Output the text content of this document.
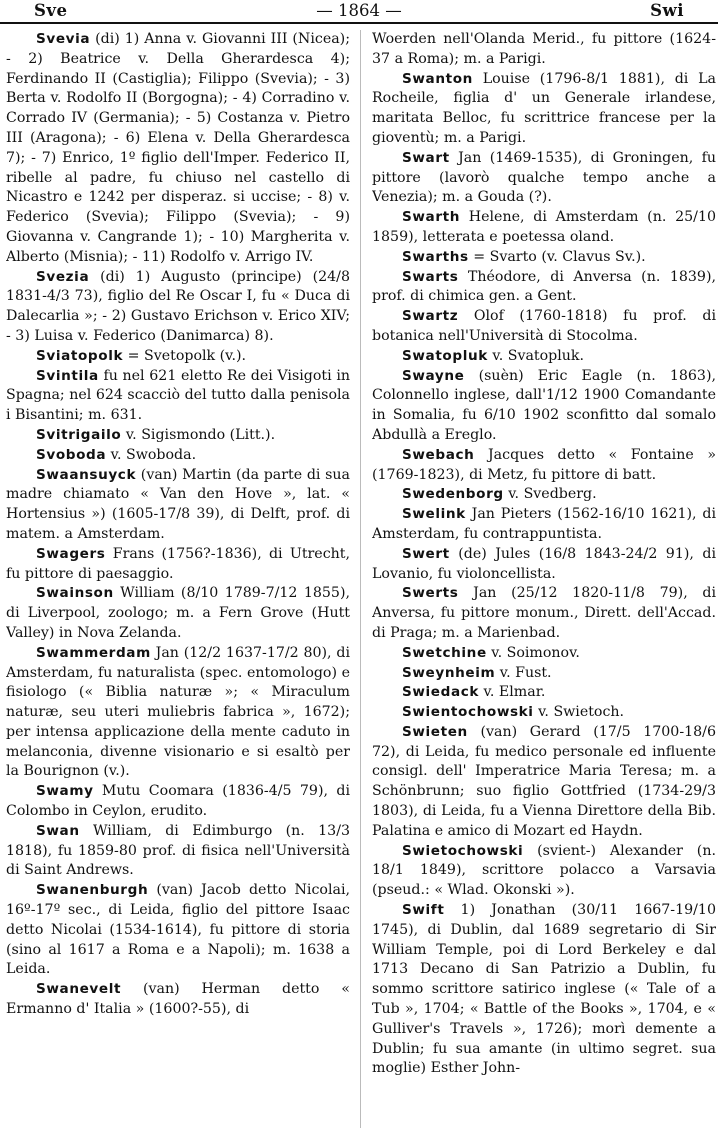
Sve	— 1864 —	Swi

Svevia (di) 1) Anna v. Giovanni III (Nicea); - 2) Beatrice v. Della Gherardesca 4); Ferdinando II (Castiglia); Filippo (Svevia); - 3) Berta v. Rodolfo II (Borgogna); - 4) Corradino v. Corrado IV (Germania); - 5) Costanza v. Pietro III (Aragona); - 6) Elena v. Della Gherardesca 7); - 7) Enrico, 1º figlio dell'Imper. Federico II, ribelle al padre, fu chiuso nel castello di Nicastro e 1242 per disperaz. si uccise; - 8) v. Federico (Svevia); Filippo (Svevia); - 9) Giovanna v. Cangrande 1); - 10) Margherita v. Alberto (Misnia); - 11) Rodolfo v. Arrigo IV.

Svezia (di) 1) Augusto (principe) (24/8 1831-4/3 73), figlio del Re Oscar I, fu « Duca di Dalecarlia »; - 2) Gustavo Erichson v. Erico XIV; - 3) Luisa v. Federico (Danimarca) 8).

Sviatopolk = Svetopolk (v.).

Svintila fu nel 621 eletto Re dei Visigoti in Spagna; nel 624 scacciò del tutto dalla penisola i Bisantini; m. 631.

Svitrigailo v. Sigismondo (Litt.).

Svoboda v. Swoboda.

Swaansuyck (van) Martin (da parte di sua madre chiamato « Van den Hove », lat. « Hortensius ») (1605-17/8 39), di Delft, prof. di matem. a Amsterdam.

Swagers Frans (1756?-1836), di Utrecht, fu pittore di paesaggio.

Swainson William (8/10 1789-7/12 1855), di Liverpool, zoologo; m. a Fern Grove (Hutt Valley) in Nova Zelanda.

Swammerdam Jan (12/2 1637-17/2 80), di Amsterdam, fu naturalista (spec. entomologo) e fisiologo (« Biblia naturæ »; « Miraculum naturæ, seu uteri muliebris fabrica », 1672); per intensa applicazione della mente caduto in melanconia, divenne visionario e si esaltò per la Bourignon (v.).

Swamy Mutu Coomara (1836-4/5 79), di Colombo in Ceylon, erudito.

Swan William, di Edimburgo (n. 13/3 1818), fu 1859-80 prof. di fisica nell'Università di Saint Andrews.

Swanenburgh (van) Jacob detto Nicolai, 16º-17º sec., di Leida, figlio del pittore Isaac detto Nicolai (1534-1614), fu pittore di storia (sino al 1617 a Roma e a Napoli); m. 1638 a Leida.

Swanevelt (van) Herman detto « Ermanno d' Italia » (1600?-55), di

Woerden nell'Olanda Merid., fu pittore (1624-37 a Roma); m. a Parigi.

Swanton Louise (1796-8/1 1881), di La Rocheile, figlia d' un Generale irlandese, maritata Belloc, fu scrittrice francese per la gioventù; m. a Parigi.

Swart Jan (1469-1535), di Groningen, fu pittore (lavorò qualche tempo anche a Venezia); m. a Gouda (?).

Swarth Helene, di Amsterdam (n. 25/10 1859), letterata e poetessa oland.

Swarths = Svarto (v. Clavus Sv.).

Swarts Théodore, di Anversa (n. 1839), prof. di chimica gen. a Gent.

Swartz Olof (1760-1818) fu prof. di botanica nell'Università di Stocolma.

Swatopluk v. Svatopluk.

Swayne (suèn) Eric Eagle (n. 1863), Colonnello inglese, dall'1/12 1900 Comandante in Somalia, fu 6/10 1902 sconfitto dal somalo Abdullà a Ereglo.

Swebach Jacques detto « Fontaine » (1769-1823), di Metz, fu pittore di batt.

Swedenborg v. Svedberg.

Swelink Jan Pieters (1562-16/10 1621), di Amsterdam, fu contrappuntista.

Swert (de) Jules (16/8 1843-24/2 91), di Lovanio, fu violoncellista.

Swerts Jan (25/12 1820-11/8 79), di Anversa, fu pittore monum., Dirett. dell'Accad. di Praga; m. a Marienbad.

Swetchine v. Soimonov.

Sweynheim v. Fust.

Swiedack v. Elmar.

Swientochowski v. Swietoch.

Swieten (van) Gerard (17/5 1700-18/6 72), di Leida, fu medico personale ed influente consigl. dell' Imperatrice Maria Teresa; m. a Schönbrunn; suo figlio Gottfried (1734-29/3 1803), di Leida, fu a Vienna Direttore della Bib. Palatina e amico di Mozart ed Haydn.

Swietochowski (svient-) Alexander (n. 18/1 1849), scrittore polacco a Varsavia (pseud.: « Wlad. Okonski »).

Swift 1) Jonathan (30/11 1667-19/10 1745), di Dublin, dal 1689 segretario di Sir William Temple, poi di Lord Berkeley e dal 1713 Decano di San Patrizio a Dublin, fu sommo scrittore satirico inglese (« Tale of a Tub », 1704; « Battle of the Books », 1704, e « Gulliver's Travels », 1726); morì demente a Dublin; fu sua amante (in ultimo segret. sua moglie) Esther John-
